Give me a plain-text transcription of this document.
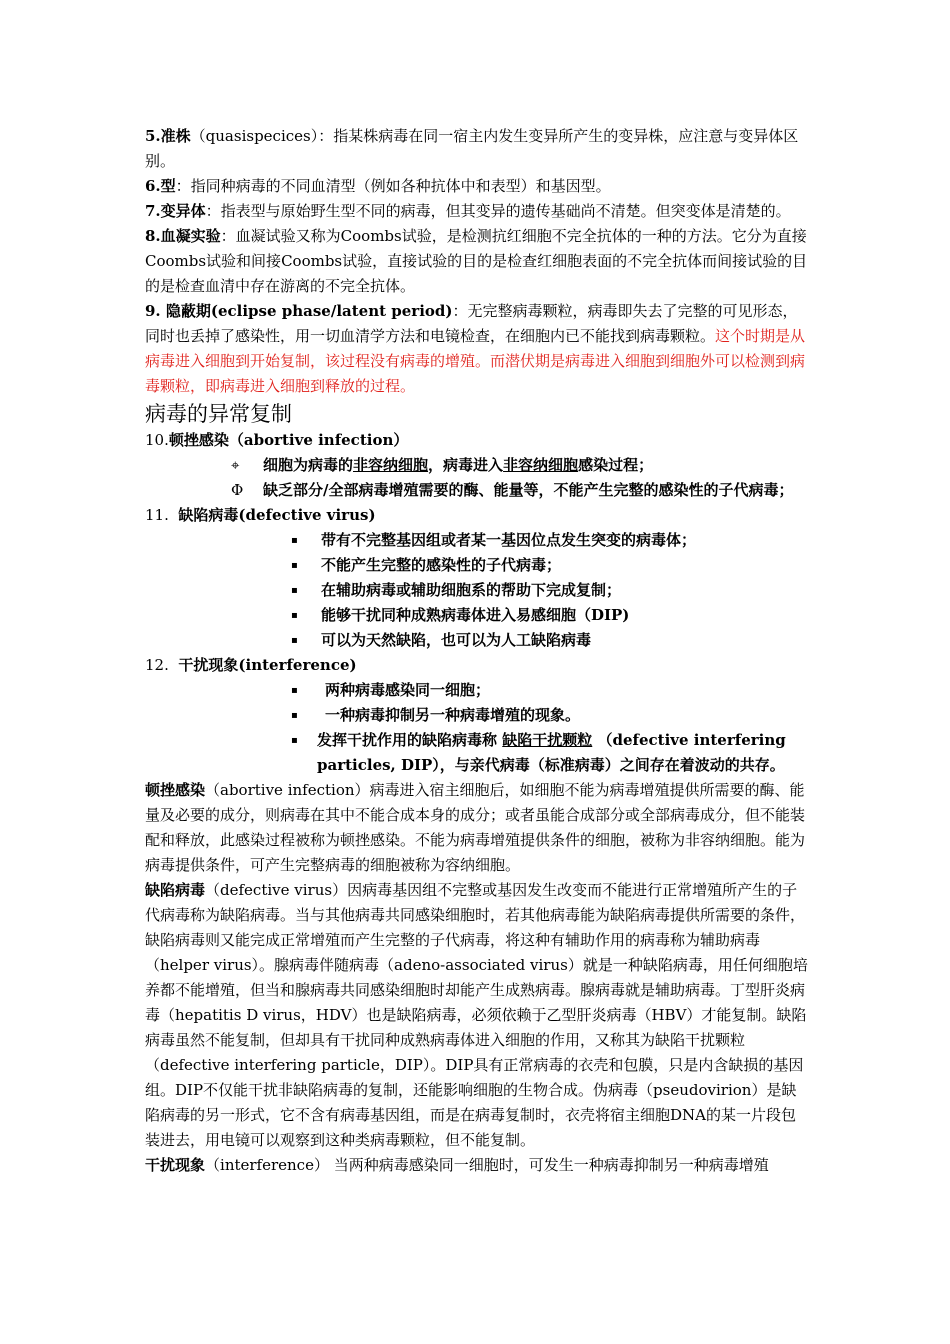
5.准株（quasispecices）：指某株病毒在同一宿主内发生变异所产生的变异株，应注意与变异体区别。

6.型：指同种病毒的不同血清型（例如各种抗体中和表型）和基因型。

7.变异体：指表型与原始野生型不同的病毒，但其变异的遗传基础尚不清楚。但突变体是清楚的。

8.血凝实验：血凝试验又称为Coombs试验，是检测抗红细胞不完全抗体的一种的方法。它分为直接Coombs试验和间接Coombs试验，直接试验的目的是检查红细胞表面的不完全抗体而间接试验的目的是检查血清中存在游离的不完全抗体。

9. 隐蔽期(eclipse phase/latent period)：无完整病毒颗粒，病毒即失去了完整的可见形态，同时也丢掉了感染性，用一切血清学方法和电镜检查，在细胞内已不能找到病毒颗粒。这个时期是从病毒进入细胞到开始复制，该过程没有病毒的增殖。而潜伏期是病毒进入细胞到细胞外可以检测到病毒颗粒，即病毒进入细胞到释放的过程。

病毒的异常复制

10.顿挫感染（abortive infection）

⌖ 细胞为病毒的非容纳细胞，病毒进入非容纳细胞感染过程；
Φ 缺乏部分/全部病毒增殖需要的酶、能量等，不能产生完整的感染性的子代病毒；

11. 缺陷病毒(defective virus)

▪ 带有不完整基因组或者某一基因位点发生突变的病毒体；
▪ 不能产生完整的感染性的子代病毒；
▪ 在辅助病毒或辅助细胞系的帮助下完成复制；
▪ 能够干扰同种成熟病毒体进入易感细胞（DIP)
▪ 可以为天然缺陷，也可以为人工缺陷病毒

12. 干扰现象(interference)

▪ 两种病毒感染同一细胞；
▪ 一种病毒抑制另一种病毒增殖的现象。
▪ 发挥干扰作用的缺陷病毒称 缺陷干扰颗粒 （defective interfering particles, DIP），与亲代病毒（标准病毒）之间存在着波动的共存。

顿挫感染（abortive infection）病毒进入宿主细胞后，如细胞不能为病毒增殖提供所需要的酶、能量及必要的成分，则病毒在其中不能合成本身的成分；或者虽能合成部分或全部病毒成分，但不能装配和释放，此感染过程被称为顿挫感染。不能为病毒增殖提供条件的细胞，被称为非容纳细胞。能为病毒提供条件，可产生完整病毒的细胞被称为容纳细胞。

缺陷病毒（defective virus）因病毒基因组不完整或基因发生改变而不能进行正常增殖所产生的子代病毒称为缺陷病毒。当与其他病毒共同感染细胞时，若其他病毒能为缺陷病毒提供所需要的条件，缺陷病毒则又能完成正常增殖而产生完整的子代病毒，将这种有辅助作用的病毒称为辅助病毒（helper virus）。腺病毒伴随病毒（adeno-associated virus）就是一种缺陷病毒，用任何细胞培养都不能增殖，但当和腺病毒共同感染细胞时却能产生成熟病毒。腺病毒就是辅助病毒。丁型肝炎病毒（hepatitis D virus，HDV）也是缺陷病毒，必须依赖于乙型肝炎病毒（HBV）才能复制。缺陷病毒虽然不能复制，但却具有干扰同种成熟病毒体进入细胞的作用，又称其为缺陷干扰颗粒（defective interfering particle，DIP）。DIP具有正常病毒的衣壳和包膜，只是内含缺损的基因组。DIP不仅能干扰非缺陷病毒的复制，还能影响细胞的生物合成。伪病毒（pseudovirion）是缺陷病毒的另一形式，它不含有病毒基因组，而是在病毒复制时，衣壳将宿主细胞DNA的某一片段包装进去，用电镜可以观察到这种类病毒颗粒，但不能复制。

干扰现象（interference） 当两种病毒感染同一细胞时，可发生一种病毒抑制另一种病毒增殖
